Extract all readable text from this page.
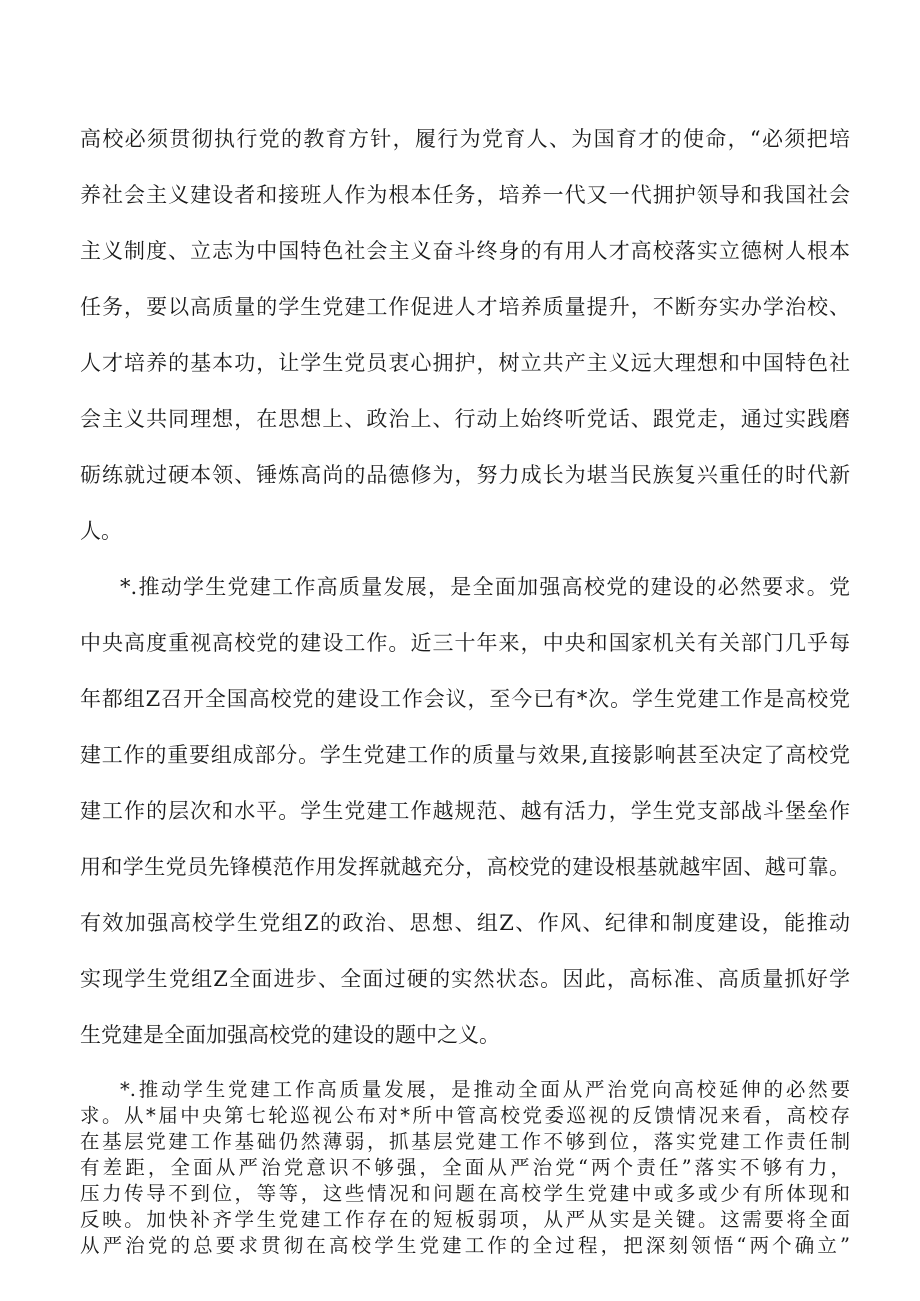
高校必须贯彻执行党的教育方针，履行为党育人、为国育才的使命，“必须把培
养社会主义建设者和接班人作为根本任务，培养一代又一代拥护领导和我国社会
主义制度、立志为中国特色社会主义奋斗终身的有用人才高校落实立德树人根本
任务，要以高质量的学生党建工作促进人才培养质量提升，不断夯实办学治校、
人才培养的基本功，让学生党员衷心拥护，树立共产主义远大理想和中国特色社
会主义共同理想，在思想上、政治上、行动上始终听党话、跟党走，通过实践磨
砺练就过硬本领、锤炼高尚的品德修为，努力成长为堪当民族复兴重任的时代新
人。
*.推动学生党建工作高质量发展，是全面加强高校党的建设的必然要求。党
中央高度重视高校党的建设工作。近三十年来，中央和国家机关有关部门几乎每
年都组Z召开全国高校党的建设工作会议，至今已有*次。学生党建工作是高校党
建工作的重要组成部分。学生党建工作的质量与效果,直接影响甚至决定了高校党
建工作的层次和水平。学生党建工作越规范、越有活力，学生党支部战斗堡垒作
用和学生党员先锋模范作用发挥就越充分，高校党的建设根基就越牢固、越可靠。
有效加强高校学生党组Z的政治、思想、组Z、作风、纪律和制度建设，能推动
实现学生党组Z全面进步、全面过硬的实然状态。因此，高标准、高质量抓好学
生党建是全面加强高校党的建设的题中之义。
*.推动学生党建工作高质量发展，是推动全面从严治党向高校延伸的必然要
求。从*届中央第七轮巡视公布对*所中管高校党委巡视的反馈情况来看，高校存
在基层党建工作基础仍然薄弱，抓基层党建工作不够到位，落实党建工作责任制
有差距，全面从严治党意识不够强，全面从严治党“两个责任”落实不够有力，
压力传导不到位，等等，这些情况和问题在高校学生党建中或多或少有所体现和
反映。加快补齐学生党建工作存在的短板弱项，从严从实是关键。这需要将全面
从严治党的总要求贯彻在高校学生党建工作的全过程，把深刻领悟“两个确立”
